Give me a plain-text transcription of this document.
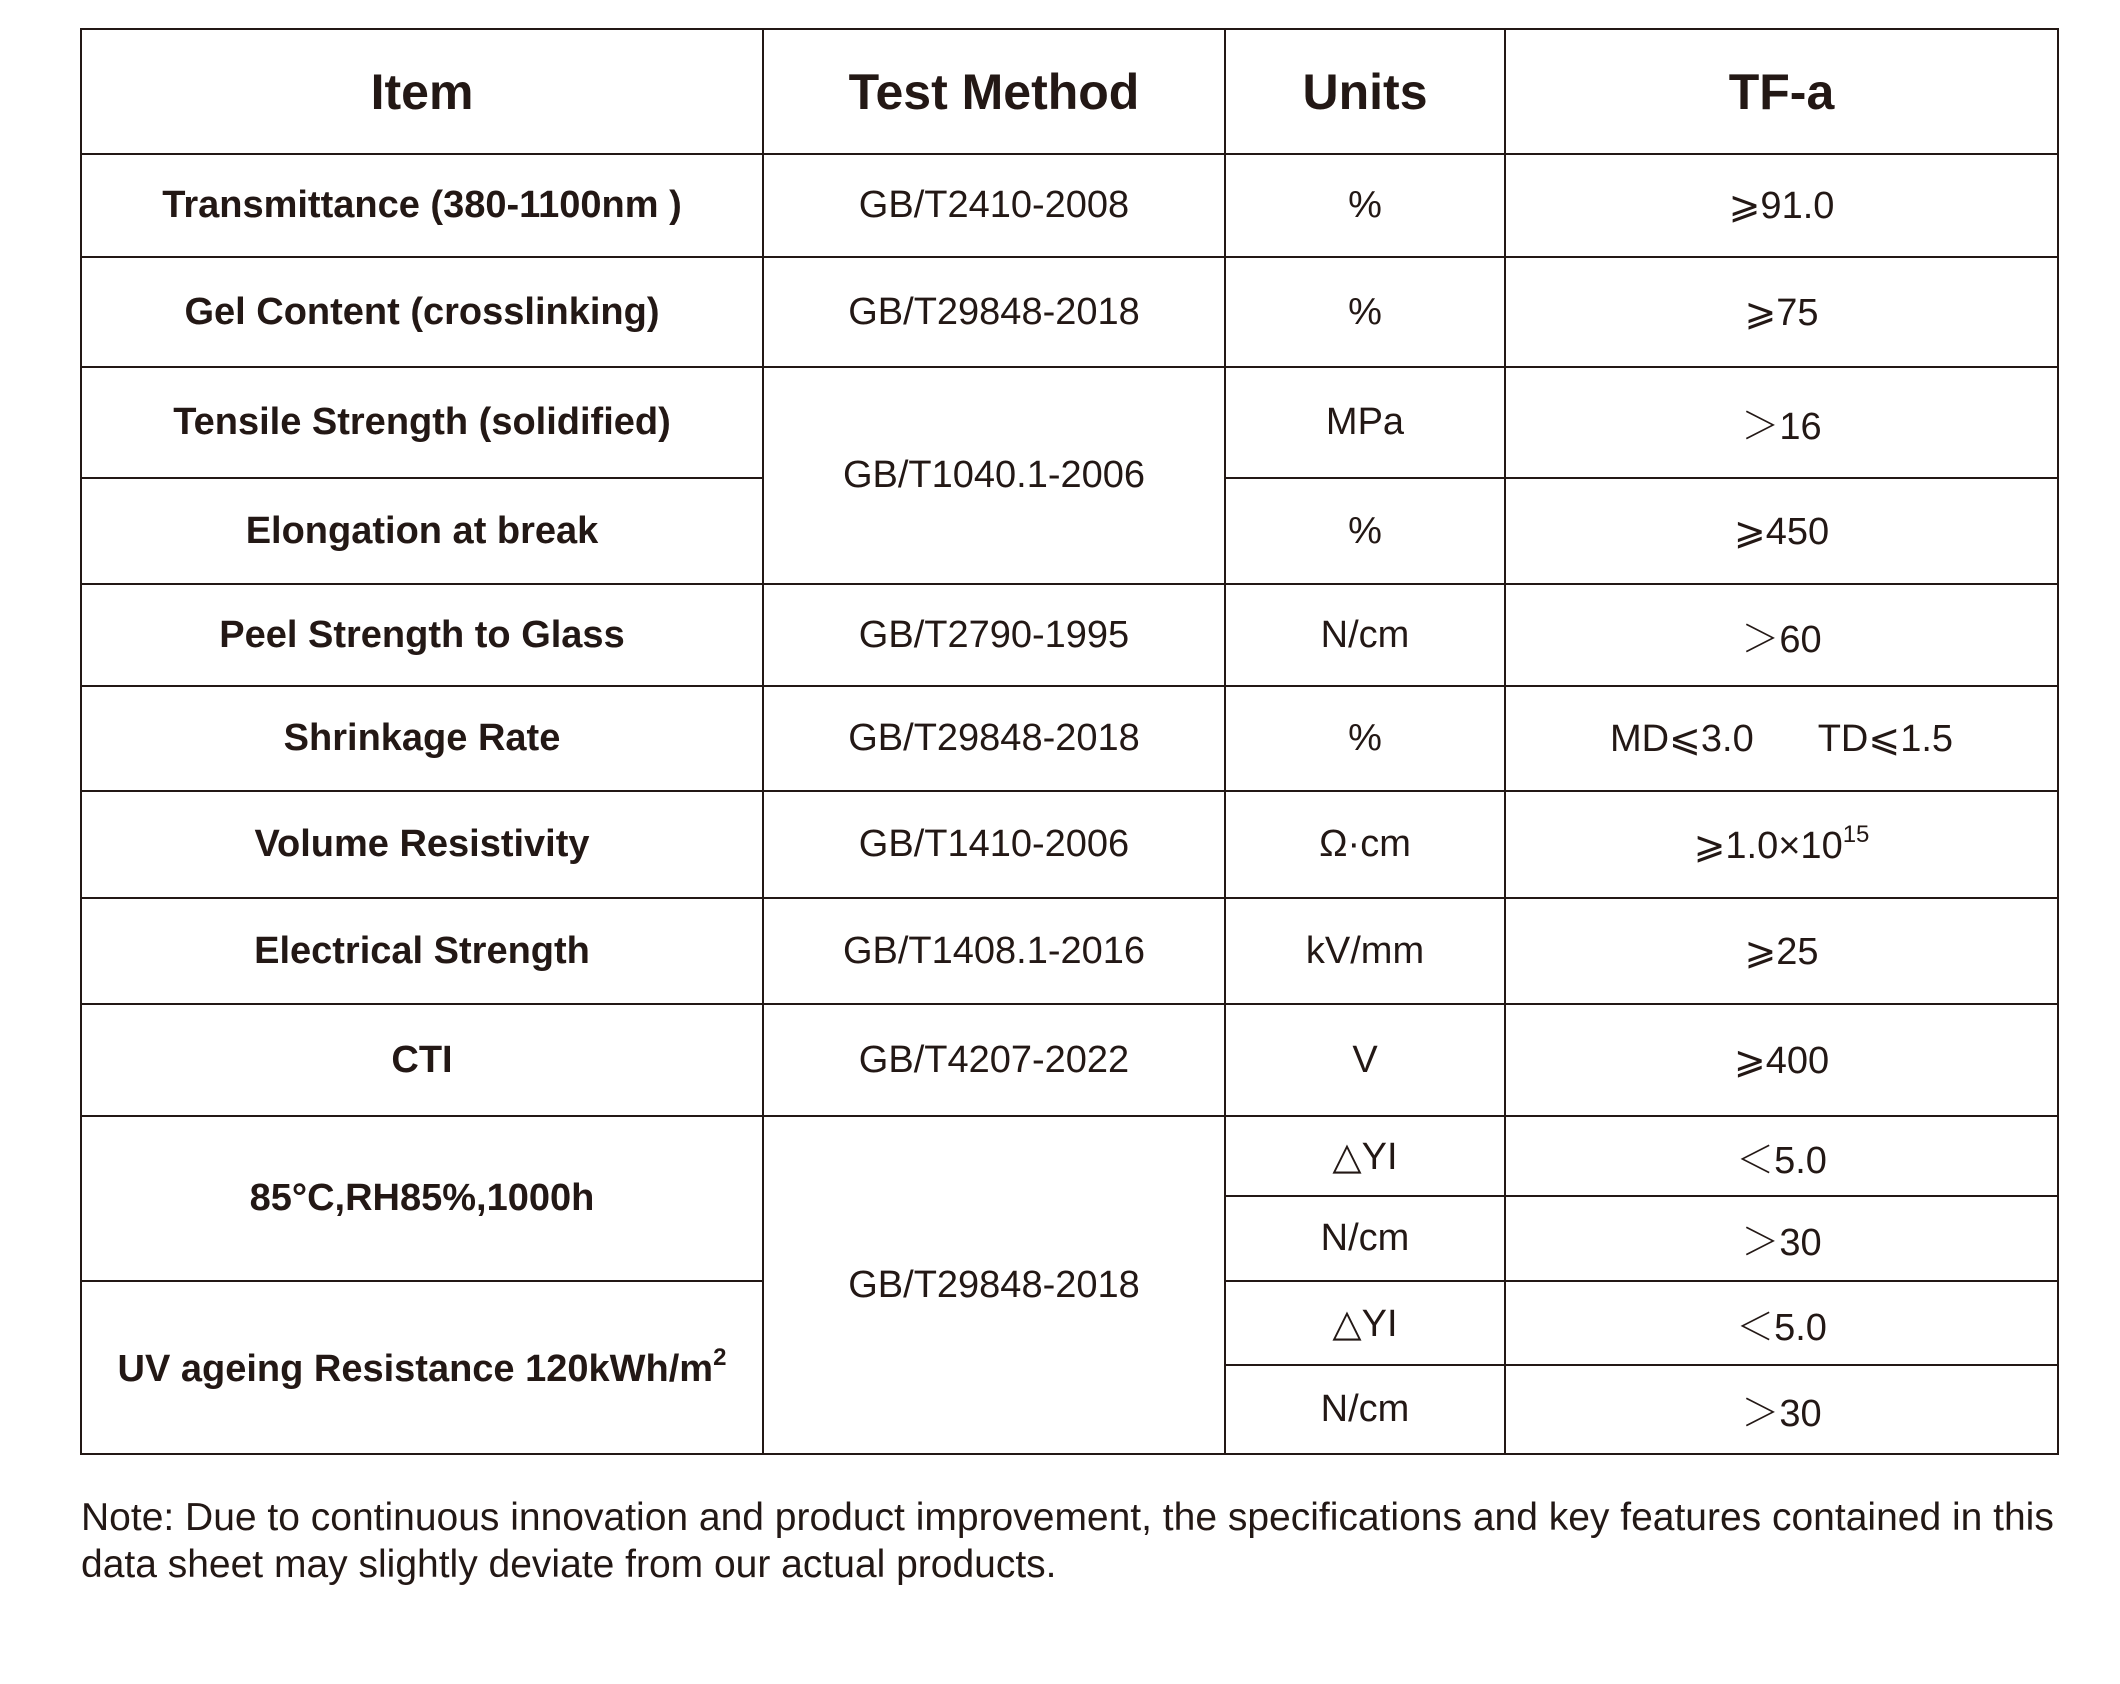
Item	Test Method	Units	TF-a
Transmittance (380-1100nm )	GB/T2410-2008	%	⩾91.0
Gel Content (crosslinking)	GB/T29848-2018	%	⩾75
Tensile Strength (solidified)	GB/T1040.1-2006	MPa	＞16
Elongation at break		%	⩾450
Peel Strength to Glass	GB/T2790-1995	N/cm	＞60
Shrinkage Rate	GB/T29848-2018	%	MD⩽3.0 TD⩽1.5
Volume Resistivity	GB/T1410-2006	Ω·cm	$⩾1.0\times 10^{15}$
Electrical Strength	GB/T1408.1-2016	kV/mm	⩾25
CTI	GB/T4207-2022	V	⩾400
85°C,RH85%,1000h	GB/T29848-2018	△YI	＜5.0
		N/cm	＞30
UV ageing Resistance $120kWh/m^2$		△YI	＜5.0
		N/cm	＞30
Note: Due to continuous innovation and product improvement, the specifications and key features contained in this data sheet may slightly deviate from our actual products.
